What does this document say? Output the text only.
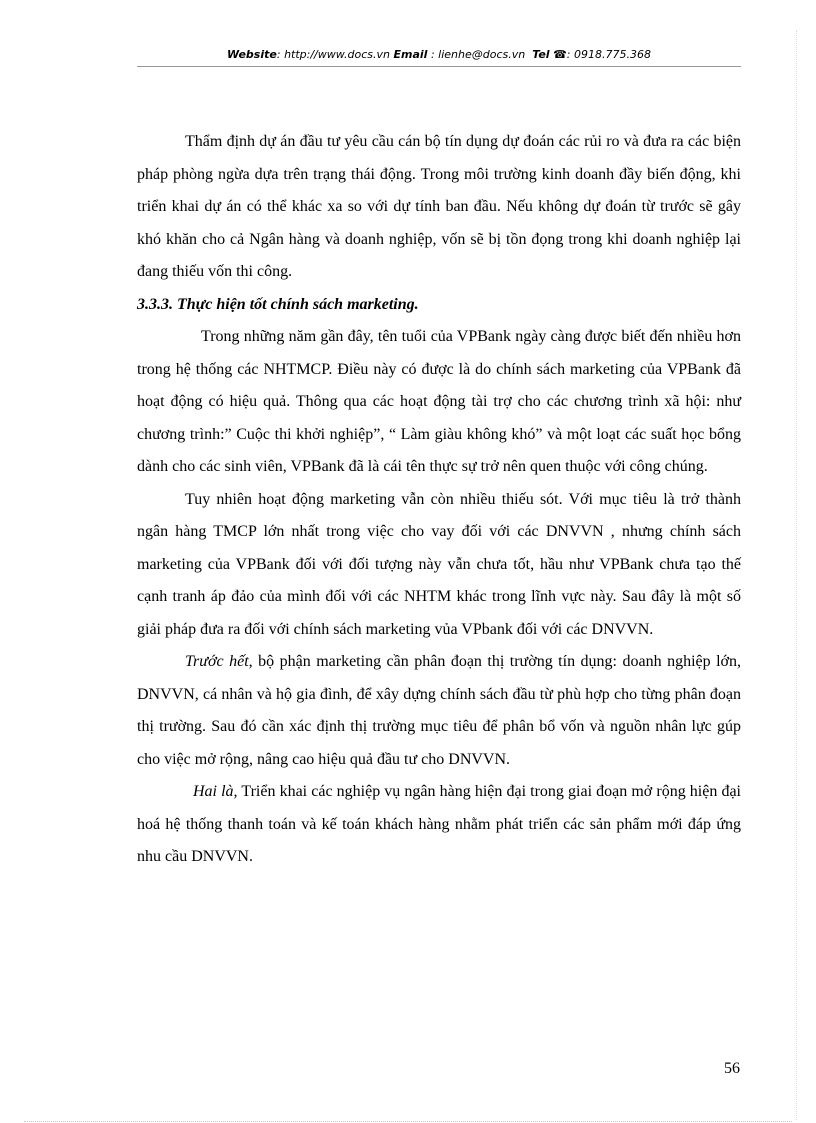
Website: http://www.docs.vn Email : lienhe@docs.vn Tel ☎: 0918.775.368

Thẩm định dự án đầu tư yêu cầu cán bộ tín dụng dự đoán các rủi ro và đưa ra các biện pháp phòng ngừa dựa trên trạng thái động. Trong môi trường kinh doanh đầy biến động, khi triển khai dự án có thể khác xa so với dự tính ban đầu. Nếu không dự đoán từ trước sẽ gây khó khăn cho cả Ngân hàng và doanh nghiệp, vốn sẽ bị tồn đọng trong khi doanh nghiệp lại đang thiếu vốn thi công.

3.3.3. Thực hiện tốt chính sách marketing.

Trong những năm gần đây, tên tuổi của VPBank ngày càng được biết đến nhiều hơn trong hệ thống các NHTMCP. Điều này có được là do chính sách marketing của VPBank đã hoạt động có hiệu quả. Thông qua các hoạt động tài trợ cho các chương trình xã hội: như chương trình:” Cuộc thi khởi nghiệp”, “ Làm giàu không khó” và một loạt các suất học bổng dành cho các sinh viên, VPBank đã là cái tên thực sự trở nên quen thuộc với công chúng.

Tuy nhiên hoạt động marketing vẫn còn nhiều thiếu sót. Với mục tiêu là trở thành ngân hàng TMCP lớn nhất trong việc cho vay đối với các DNVVN , nhưng chính sách marketing của VPBank đối với đối tượng này vẫn chưa tốt, hầu như VPBank chưa tạo thế cạnh tranh áp đảo của mình đối với các NHTM khác trong lĩnh vực này. Sau đây là một số giải pháp đưa ra đối với chính sách marketing vủa VPbank đối với các DNVVN.

Trước hết, bộ phận marketing cần phân đoạn thị trường tín dụng: doanh nghiệp lớn, DNVVN, cá nhân và hộ gia đình, để xây dựng chính sách đầu từ phù hợp cho từng phân đoạn thị trường. Sau đó cần xác định thị trường mục tiêu để phân bổ vốn và nguồn nhân lực gúp cho việc mở rộng, nâng cao hiệu quả đầu tư cho DNVVN.

Hai là, Triển khai các nghiệp vụ ngân hàng hiện đại trong giai đoạn mở rộng hiện đại hoá hệ thống thanh toán và kế toán khách hàng nhằm phát triển các sản phẩm mới đáp ứng nhu cầu DNVVN.

56
